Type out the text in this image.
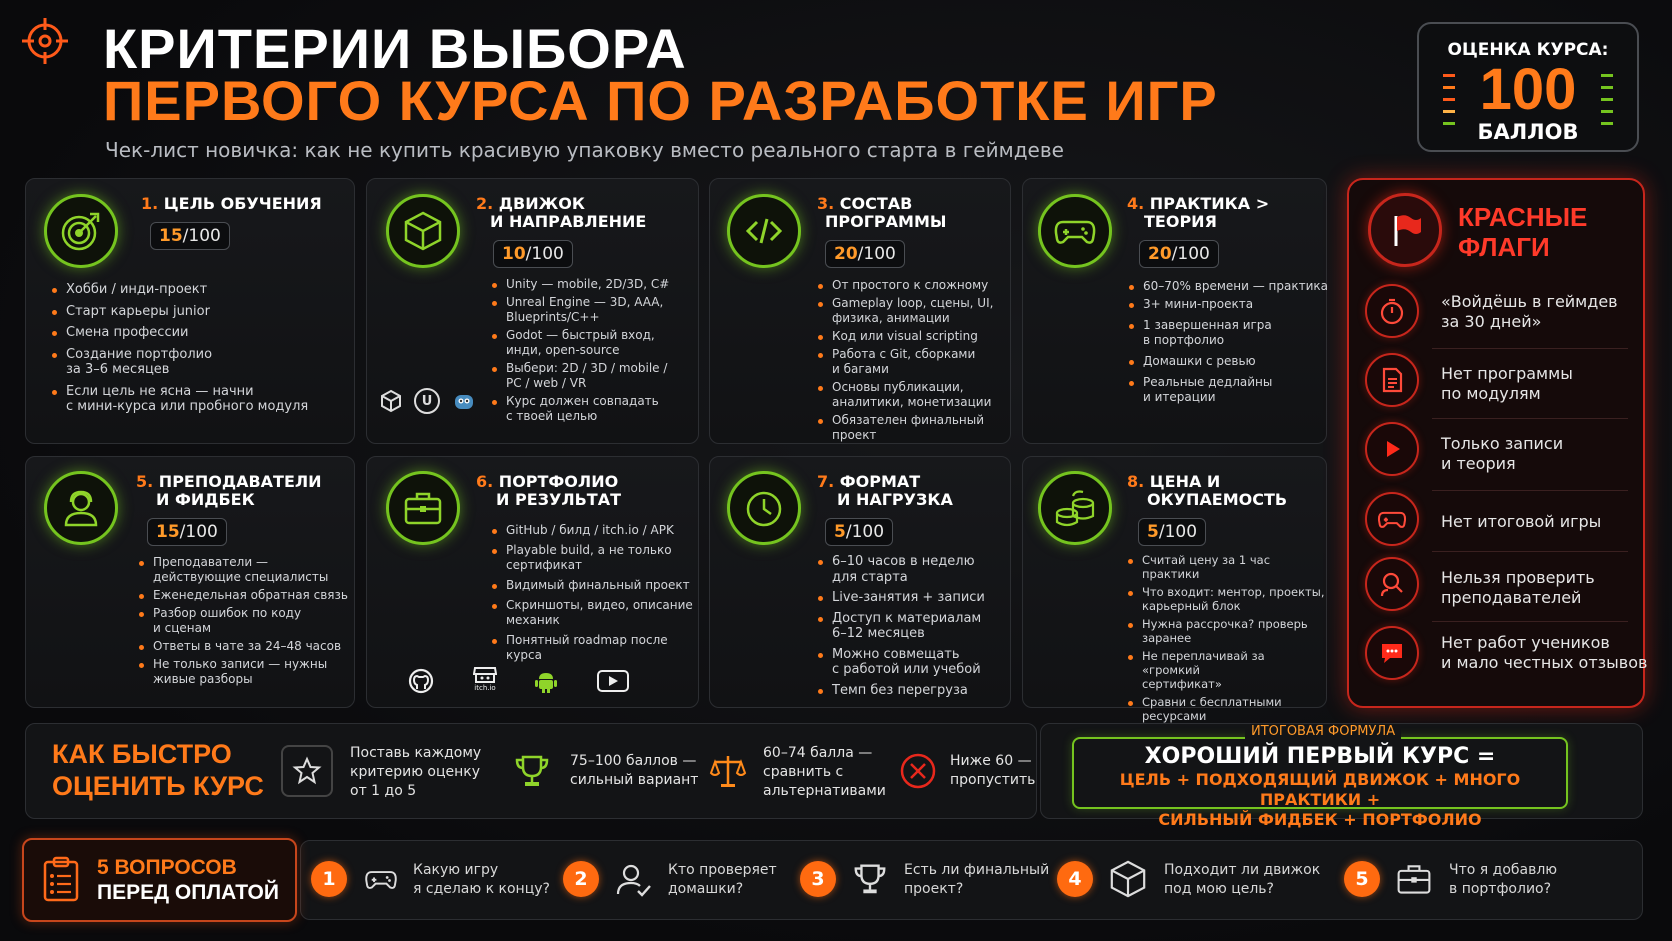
КРИТЕРИИ ВЫБОРА
ПЕРВОГО КУРСА ПО РАЗРАБОТКЕ ИГР
Чек-лист новичка: как не купить красивую упаковку вместо реального старта в геймдеве
ОЦЕНКА КУРСА:
100
БАЛЛОВ
1. ЦЕЛЬ ОБУЧЕНИЯ
15/100
Хобби / инди-проект
Старт карьеры junior
Смена профессии
Создание портфолио
за 3–6 месяцев
Если цель не ясна — начни
с мини-курса или пробного модуля
2. ДВИЖОК
И НАПРАВЛЕНИЕ
10/100
Unity — mobile, 2D/3D, C#
Unreal Engine — 3D, AAA,
Blueprints/C++
Godot — быстрый вход,
инди, open-source
Выбери: 2D / 3D / mobile /
PC / web / VR
Курс должен совпадать
с твоей целью
U
3. СОСТАВ
ПРОГРАММЫ
20/100
От простого к сложному
Gameplay loop, сцены, UI,
физика, анимации
Код или visual scripting
Работа с Git, сборками
и багами
Основы публикации,
аналитики, монетизации
Обязателен финальный
проект
4. ПРАКТИКА >
ТЕОРИЯ
20/100
60–70% времени — практика
3+ мини-проекта
1 завершенная игра
в портфолио
Домашки с ревью
Реальные дедлайны
и итерации
5. ПРЕПОДАВАТЕЛИ
И ФИДБЕК
15/100
Преподаватели —
действующие специалисты
Еженедельная обратная связь
Разбор ошибок по коду
и сценам
Ответы в чате за 24–48 часов
Не только записи — нужны
живые разборы
6. ПОРТФОЛИО
И РЕЗУЛЬТАТ
GitHub / билд / itch.io / APK
Playable build, а не только
сертификат
Видимый финальный проект
Скриншоты, видео, описание
механик
Понятный roadmap после курса
itch.io
7. ФОРМАТ
И НАГРУЗКА
5/100
6–10 часов в неделю
для старта
Live-занятия + записи
Доступ к материалам
6–12 месяцев
Можно совмещать
с работой или учебой
Темп без перегруза
8. ЦЕНА И
ОКУПАЕМОСТЬ
5/100
Считай цену за 1 час практики
Что входит: ментор, проекты,
карьерный блок
Нужна рассрочка? проверь
заранее
Не переплачивай за «громкий
сертификат»
Сравни с бесплатными
ресурсами
КРАСНЫЕ
ФЛАГИ
«Войдёшь в геймдев
за 30 дней»
Нет программы
по модулям
Только записи
и теория
Нет итоговой игры
Нельзя проверить
преподавателей
Нет работ учеников
и мало честных отзывов
КАК БЫСТРО
ОЦЕНИТЬ КУРС
Поставь каждому
критерию оценку
от 1 до 5
75–100 баллов —
сильный вариант
60–74 балла —
сравнить с
альтернативами
Ниже 60 —
пропустить
ИТОГОВАЯ ФОРМУЛА
ХОРОШИЙ ПЕРВЫЙ КУРС =
ЦЕЛЬ + ПОДХОДЯЩИЙ ДВИЖОК + МНОГО ПРАКТИКИ +
СИЛЬНЫЙ ФИДБЕК + ПОРТФОЛИО
5 ВОПРОСОВ
ПЕРЕД ОПЛАТОЙ
1	Какую игру
я сделаю к концу?	2	Кто проверяет
домашки?	3	Есть ли финальный
проект?	4	Подходит ли движок
под мою цель?	5	Что я добавлю
в портфолио?
